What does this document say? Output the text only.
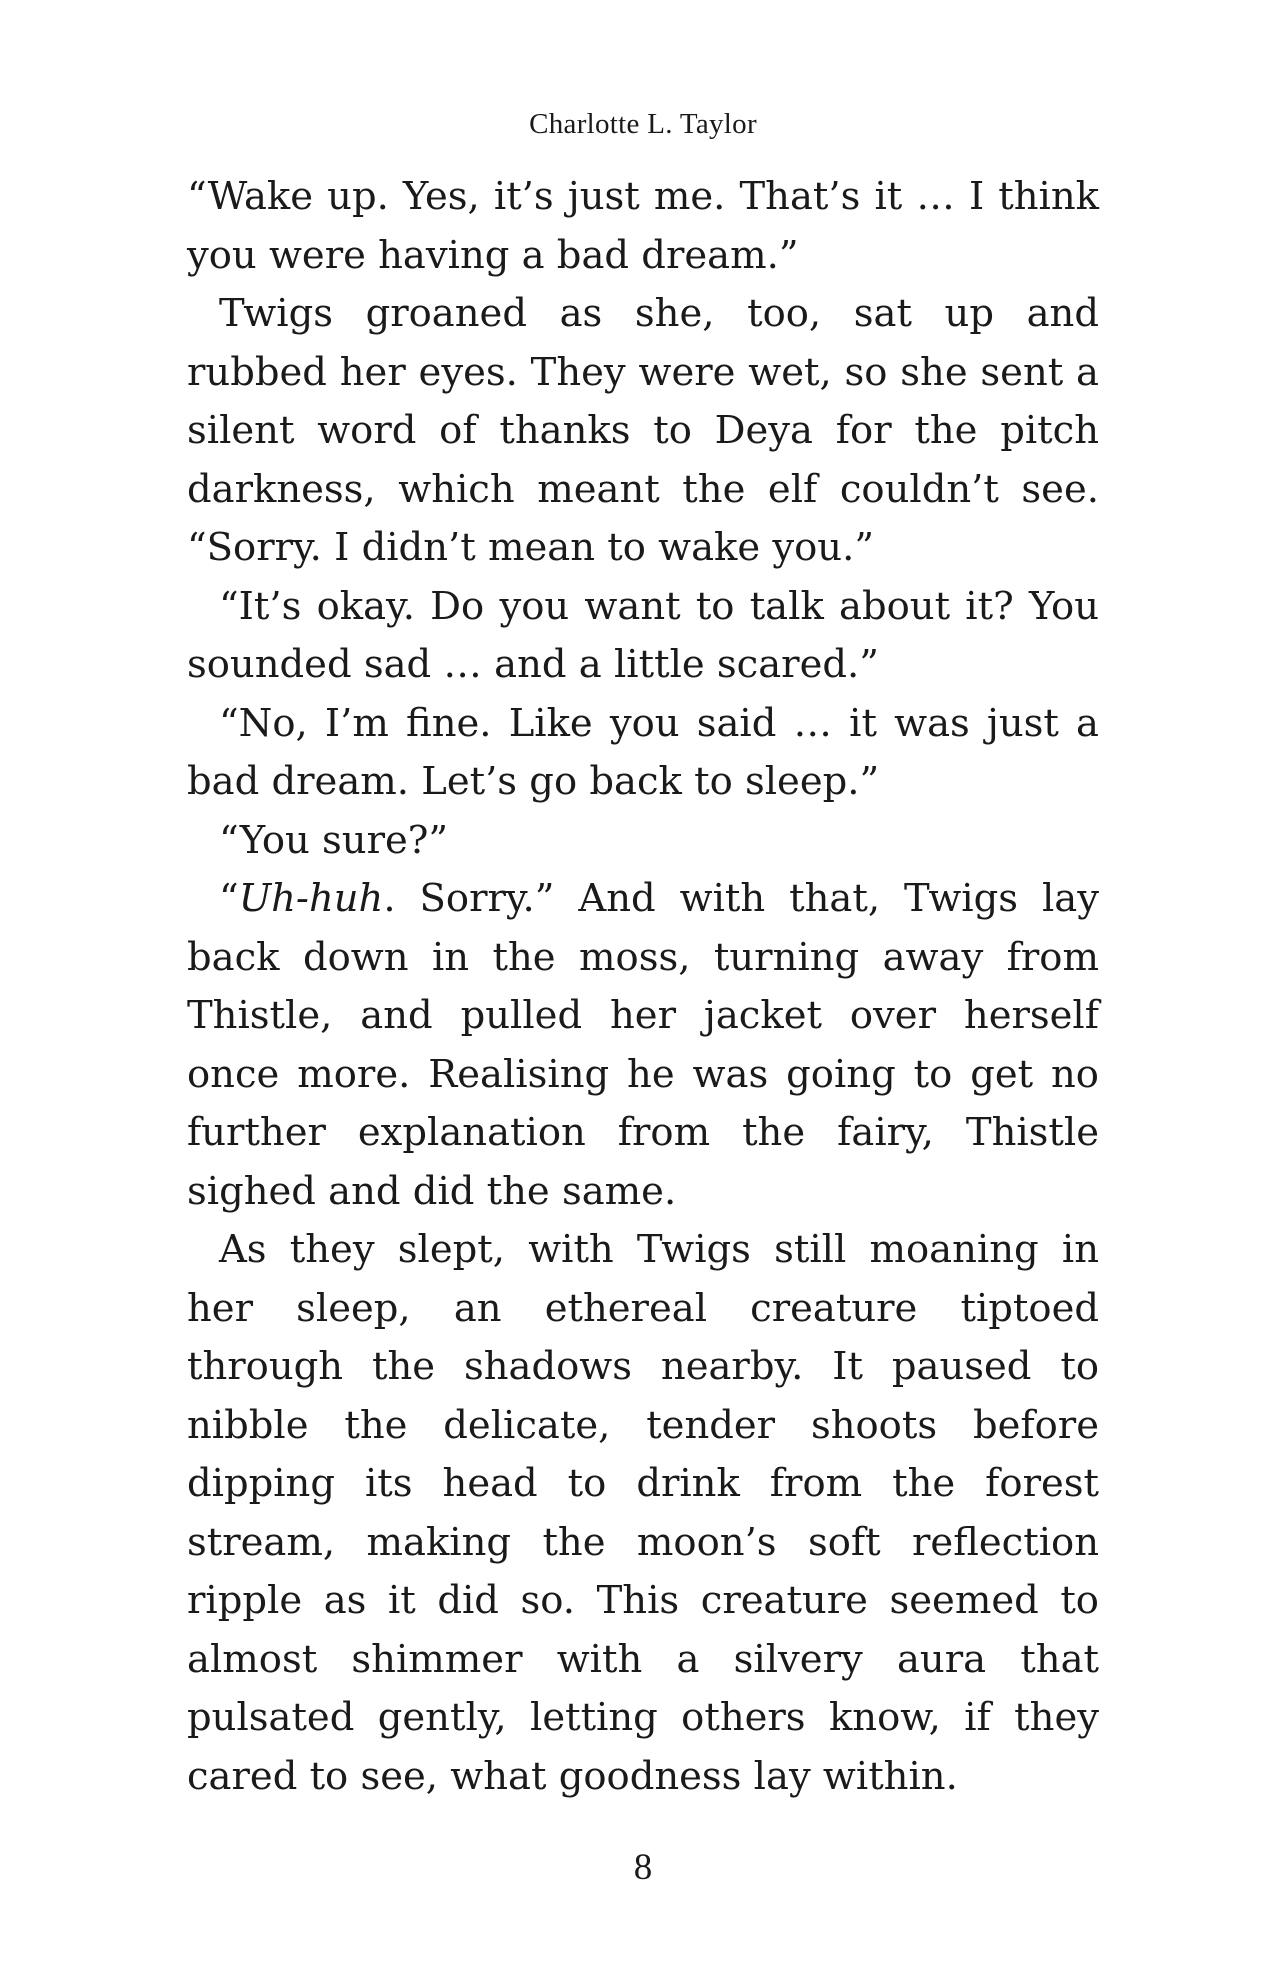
Charlotte L. Taylor

“Wake up. Yes, it’s just me. That’s it … I think you were having a bad dream.”

Twigs groaned as she, too, sat up and rubbed her eyes. They were wet, so she sent a silent word of thanks to Deya for the pitch darkness, which meant the elf couldn’t see. “Sorry. I didn’t mean to wake you.”

“It’s okay. Do you want to talk about it? You sounded sad … and a little scared.”

“No, I’m fine. Like you said … it was just a bad dream. Let’s go back to sleep.”

“You sure?”

“Uh-huh. Sorry.” And with that, Twigs lay back down in the moss, turning away from Thistle, and pulled her jacket over herself once more. Realising he was going to get no further explanation from the fairy, Thistle sighed and did the same.

As they slept, with Twigs still moaning in her sleep, an ethereal creature tiptoed through the shadows nearby. It paused to nibble the delicate, tender shoots before dipping its head to drink from the forest stream, making the moon’s soft reflection ripple as it did so. This creature seemed to almost shimmer with a silvery aura that pulsated gently, letting others know, if they cared to see, what goodness lay within.

8
